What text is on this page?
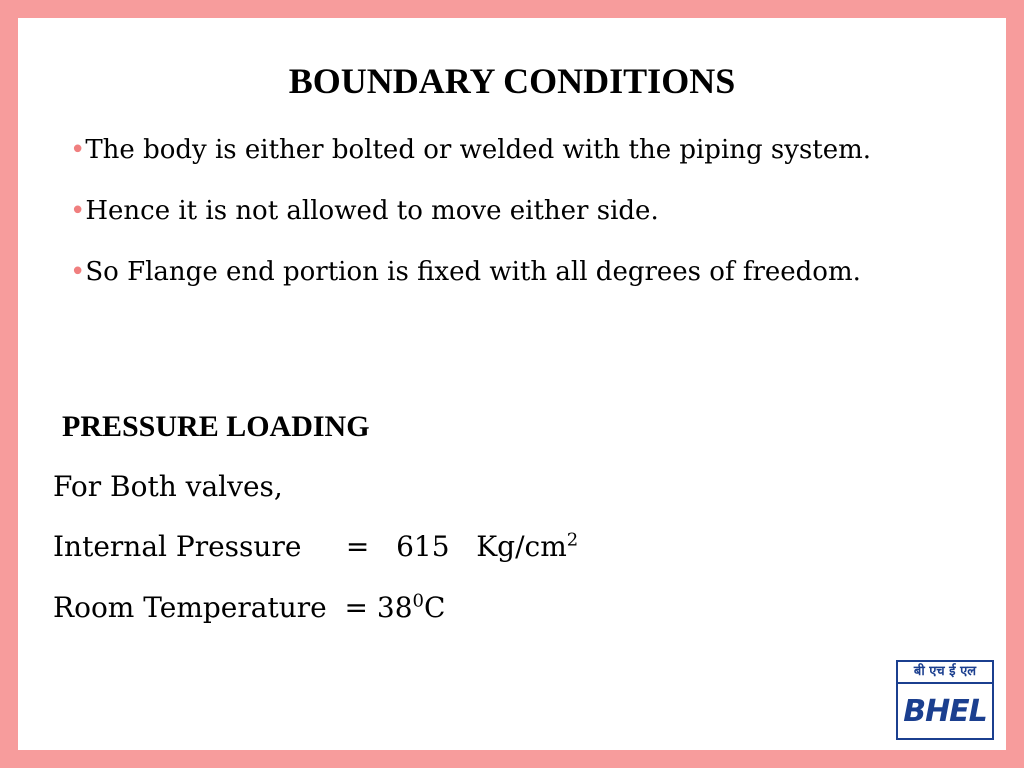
BOUNDARY CONDITIONS
•The body is either bolted or welded with the piping system.
•Hence it is not allowed to move either side.
•So Flange end portion is fixed with all degrees of freedom.
PRESSURE LOADING

For Both valves,

Internal Pressure = 615 $Kg/cm^2$

Room Temperature = $38^0C$

बी एच ई एल
BHEL
